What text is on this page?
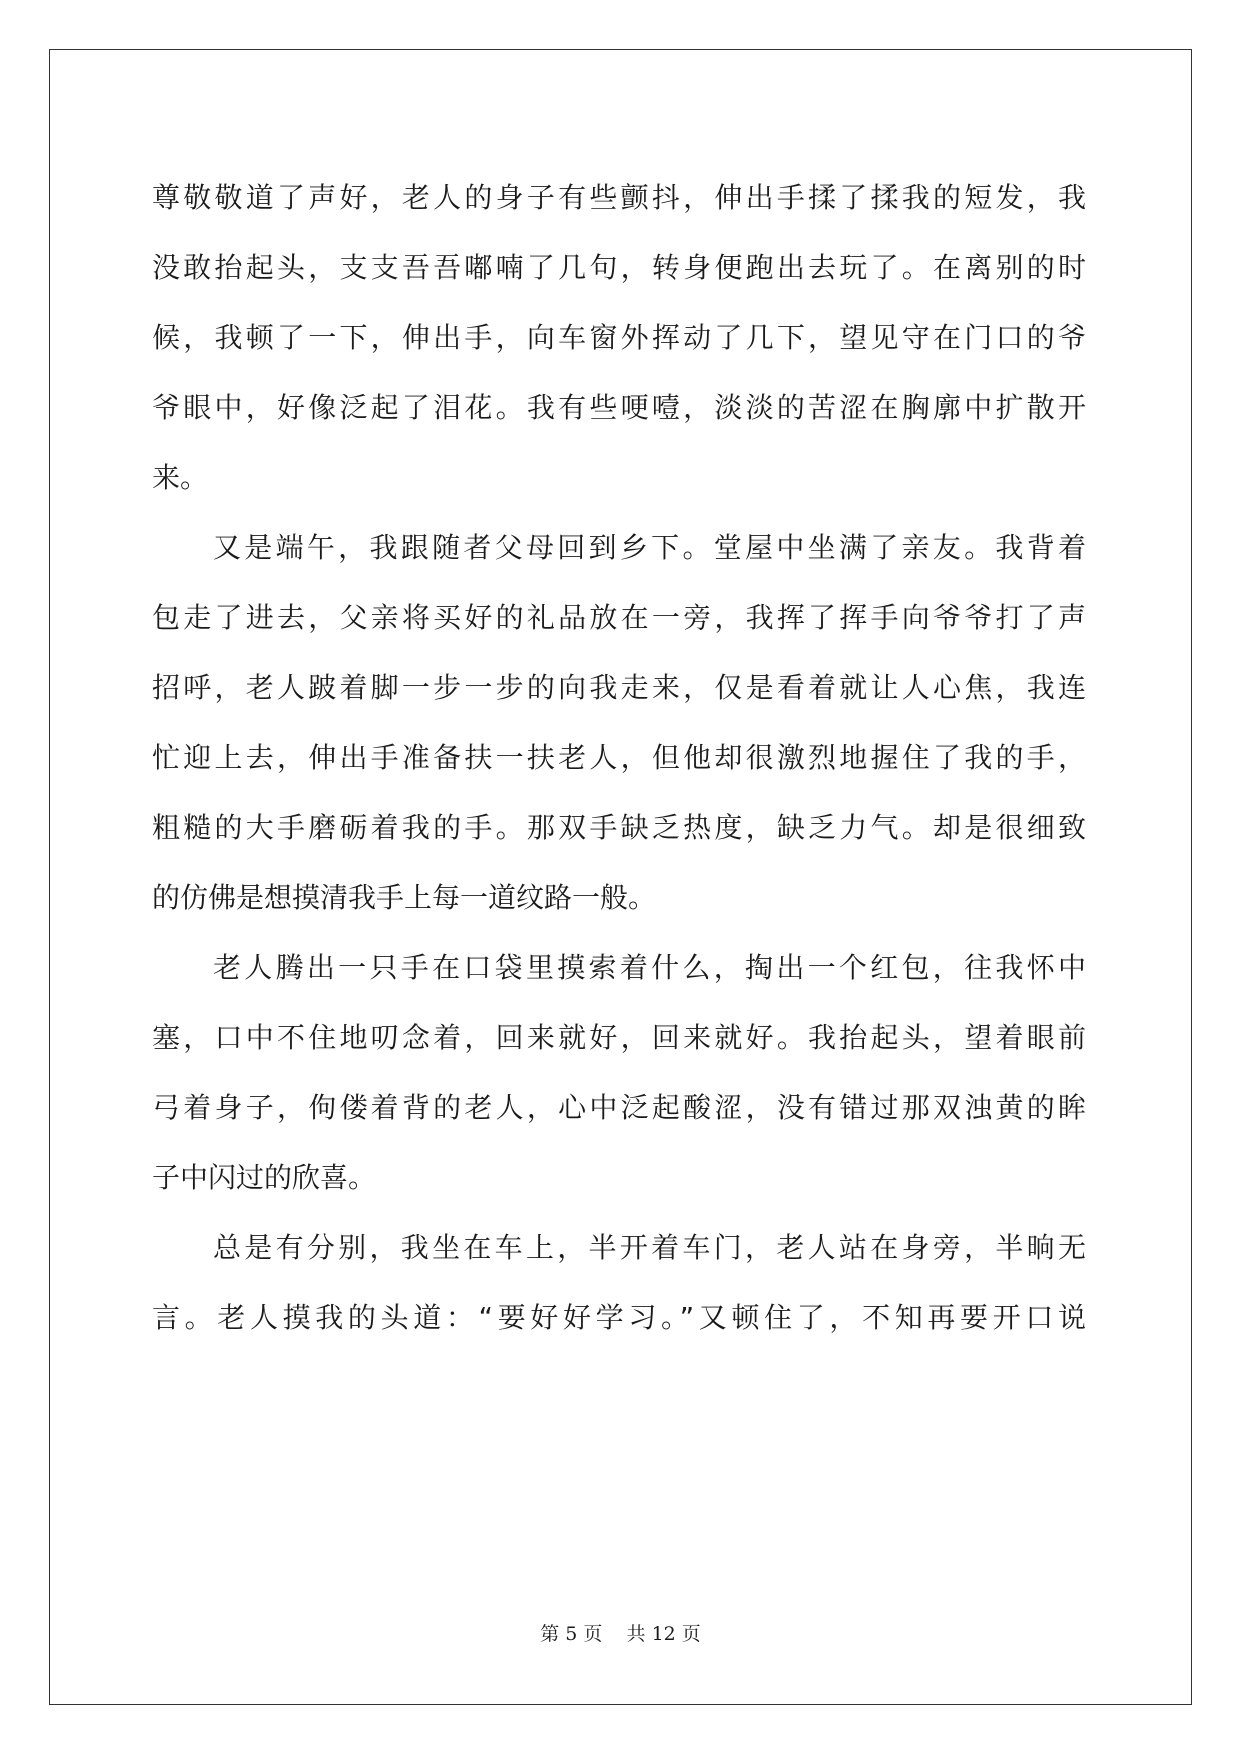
尊敬敬道了声好，老人的身子有些颤抖，伸出手揉了揉我的短发，我
没敢抬起头，支支吾吾嘟喃了几句，转身便跑出去玩了。在离别的时
候，我顿了一下，伸出手，向车窗外挥动了几下，望见守在门口的爷
爷眼中，好像泛起了泪花。我有些哽噎，淡淡的苦涩在胸廓中扩散开
来。
又是端午，我跟随者父母回到乡下。堂屋中坐满了亲友。我背着
包走了进去，父亲将买好的礼品放在一旁，我挥了挥手向爷爷打了声
招呼，老人跛着脚一步一步的向我走来，仅是看着就让人心焦，我连
忙迎上去，伸出手准备扶一扶老人，但他却很激烈地握住了我的手，
粗糙的大手磨砺着我的手。那双手缺乏热度，缺乏力气。却是很细致
的仿佛是想摸清我手上每一道纹路一般。
老人腾出一只手在口袋里摸索着什么，掏出一个红包，往我怀中
塞，口中不住地叨念着，回来就好，回来就好。我抬起头，望着眼前
弓着身子，佝偻着背的老人，心中泛起酸涩，没有错过那双浊黄的眸
子中闪过的欣喜。
总是有分别，我坐在车上，半开着车门，老人站在身旁，半晌无
言。老人摸我的头道：“要好好学习。”又顿住了，不知再要开口说
第 5 页    共 12 页
